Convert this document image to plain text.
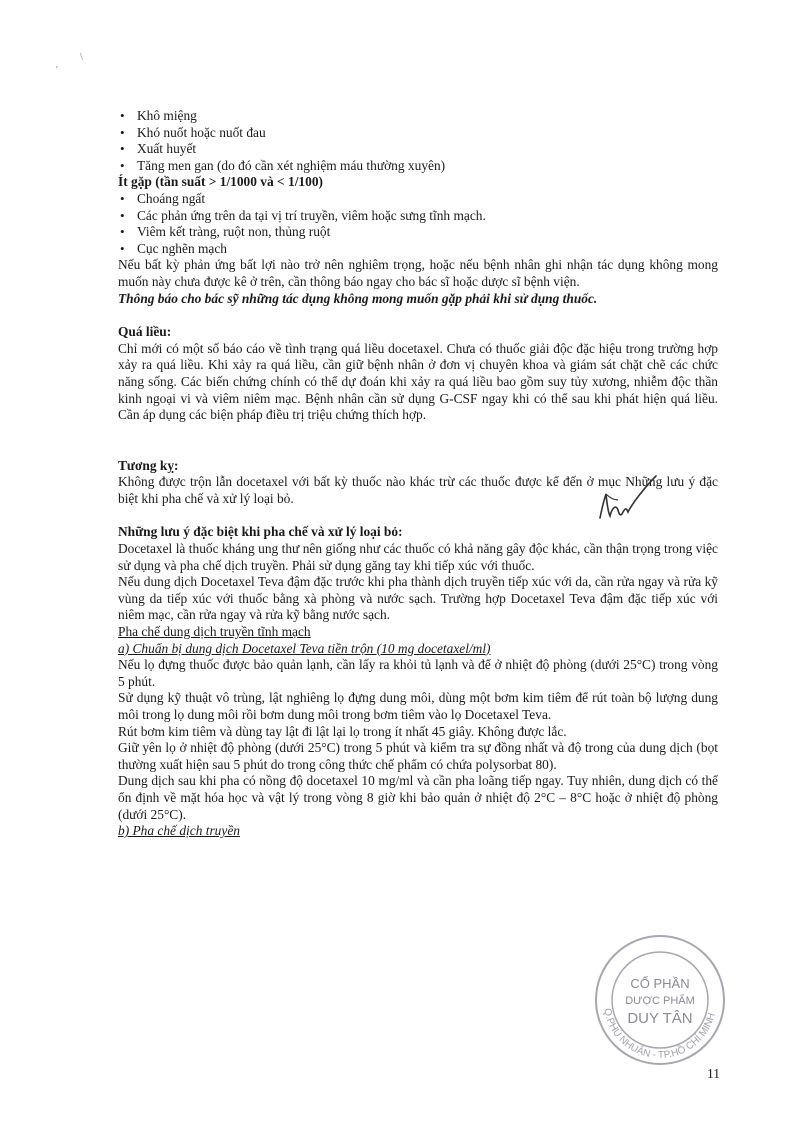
\
'
• Khô miệng
• Khó nuốt hoặc nuốt đau
• Xuất huyết
• Tăng men gan (do đó cần xét nghiệm máu thường xuyên)
Ít gặp (tần suất > 1/1000 và < 1/100)
• Choáng ngất
• Các phản ứng trên da tại vị trí truyền, viêm hoặc sưng tĩnh mạch.
• Viêm kết tràng, ruột non, thủng ruột
• Cục nghẽn mạch

Nếu bất kỳ phản ứng bất lợi nào trở nên nghiêm trọng, hoặc nếu bệnh nhân ghi nhận tác dụng không mong muốn này chưa được kê ở trên, cần thông báo ngay cho bác sĩ hoặc dược sĩ bệnh viện.

Thông báo cho bác sỹ những tác dụng không mong muốn gặp phải khi sử dụng thuốc.

Quá liều:

Chỉ mới có một số báo cáo về tình trạng quá liều docetaxel. Chưa có thuốc giải độc đặc hiệu trong trường hợp xảy ra quá liều. Khi xảy ra quá liều, cần giữ bệnh nhân ở đơn vị chuyên khoa và giám sát chặt chẽ các chức năng sống. Các biến chứng chính có thể dự đoán khi xảy ra quá liều bao gồm suy tủy xương, nhiễm độc thần kinh ngoại vi và viêm niêm mạc. Bệnh nhân cần sử dụng G-CSF ngay khi có thể sau khi phát hiện quá liều. Cần áp dụng các biện pháp điều trị triệu chứng thích hợp.

Tương kỵ:

Không được trộn lẫn docetaxel với bất kỳ thuốc nào khác trừ các thuốc được kể đến ở mục Những lưu ý đặc biệt khi pha chế và xử lý loại bỏ.

Những lưu ý đặc biệt khi pha chế và xử lý loại bỏ:

Docetaxel là thuốc kháng ung thư nên giống như các thuốc có khả năng gây độc khác, cần thận trọng trong việc sử dụng và pha chế dịch truyền. Phải sử dụng găng tay khi tiếp xúc với thuốc.

Nếu dung dịch Docetaxel Teva đậm đặc trước khi pha thành dịch truyền tiếp xúc với da, cần rửa ngay và rửa kỹ vùng da tiếp xúc với thuốc bằng xà phòng và nước sạch. Trường hợp Docetaxel Teva đậm đặc tiếp xúc với niêm mạc, cần rửa ngay và rửa kỹ bằng nước sạch.

Pha chế dung dịch truyền tĩnh mạch
a) Chuẩn bị dung dịch Docetaxel Teva tiền trộn (10 mg docetaxel/ml)

Nếu lọ đựng thuốc được bảo quản lạnh, cần lấy ra khỏi tủ lạnh và để ở nhiệt độ phòng (dưới 25°C) trong vòng 5 phút.

Sử dụng kỹ thuật vô trùng, lật nghiêng lọ đựng dung môi, dùng một bơm kim tiêm để rút toàn bộ lượng dung môi trong lọ dung môi rồi bơm dung môi trong bơm tiêm vào lọ Docetaxel Teva.

Rút bơm kim tiêm và dùng tay lật đi lật lại lọ trong ít nhất 45 giây. Không được lắc.

Giữ yên lọ ở nhiệt độ phòng (dưới 25°C) trong 5 phút và kiểm tra sự đồng nhất và độ trong của dung dịch (bọt thường xuất hiện sau 5 phút do trong công thức chế phẩm có chứa polysorbat 80).

Dung dịch sau khi pha có nồng độ docetaxel 10 mg/ml và cần pha loãng tiếp ngay. Tuy nhiên, dung dịch có thể ổn định về mặt hóa học và vật lý trong vòng 8 giờ khi bảo quản ở nhiệt độ 2°C – 8°C hoặc ở nhiệt độ phòng (dưới 25°C).

b) Pha chế dịch truyền
Q.PHÚ NHUẬN - TP.HỒ CHÍ MINH
CỔ PHẦN
DƯỢC PHẨM
DUY TÂN
11
